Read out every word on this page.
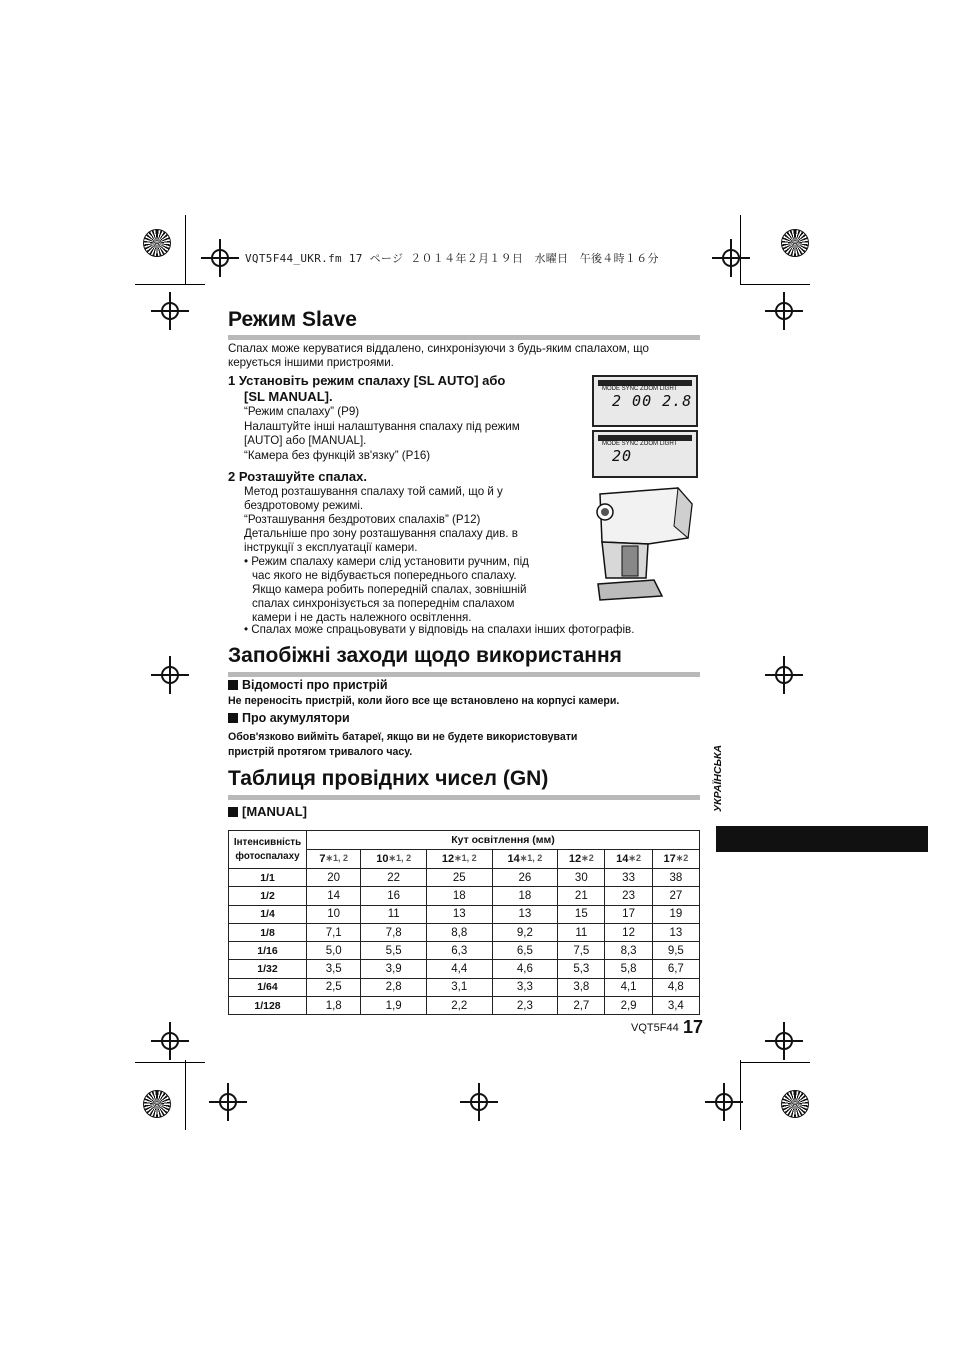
VQT5F44_UKR.fm 17 ページ ２０１４年２月１９日　水曜日　午後４時１６分
Режим Slave
Спалах може керуватися віддалено, синхронізуючи з будь-яким спалахом, що керується іншими пристроями.
1 Установіть режим спалаху [SL AUTO] або
[SL MANUAL].
“Режим спалаху” (P9)
Налаштуйте інші налаштування спалаху під режим
[AUTO] або [MANUAL].
“Камера без функцій зв'язку” (P16)
2 Розташуйте спалах.
Метод розташування спалаху той самий, що й у
бездротовому режимі.
“Розташування бездротових спалахів” (P12)
Детальніше про зону розташування спалаху див. в
інструкції з експлуатації камери.
• Режим спалаху камери слід установити ручним, під
час якого не відбувається попереднього спалаху.
Якщо камера робить попередній спалах, зовнішній
спалах синхронізується за попереднім спалахом
камери і не дасть належного освітлення.
• Спалах може спрацьовувати у відповідь на спалахи інших фотографів.
MODE SYNC ZOOM LIGHT
2 00 2.8
MODE SYNC ZOOM LIGHT
20
Запобіжні заходи щодо використання
Відомості про пристрій
Не переносіть пристрій, коли його все ще встановлено на корпусі камери.
Про акумулятори
Обов'язково вийміть батареї, якщо ви не будете використовувати
пристрій протягом тривалого часу.
Таблиця провідних чисел (GN)
[MANUAL]
Інтенсивність
фотоспалаху	Кут освітлення (мм)						
	7∗1, 2	10∗1, 2	12∗1, 2	14∗1, 2	12∗2	14∗2	17∗2
1/1	20	22	25	26	30	33	38
1/2	14	16	18	18	21	23	27
1/4	10	11	13	13	15	17	19
1/8	7,1	7,8	8,8	9,2	11	12	13
1/16	5,0	5,5	6,3	6,5	7,5	8,3	9,5
1/32	3,5	3,9	4,4	4,6	5,3	5,8	6,7
1/64	2,5	2,8	3,1	3,3	3,8	4,1	4,8
1/128	1,8	1,9	2,2	2,3	2,7	2,9	3,4
УКРАЇНСЬКА
VQT5F44 17
